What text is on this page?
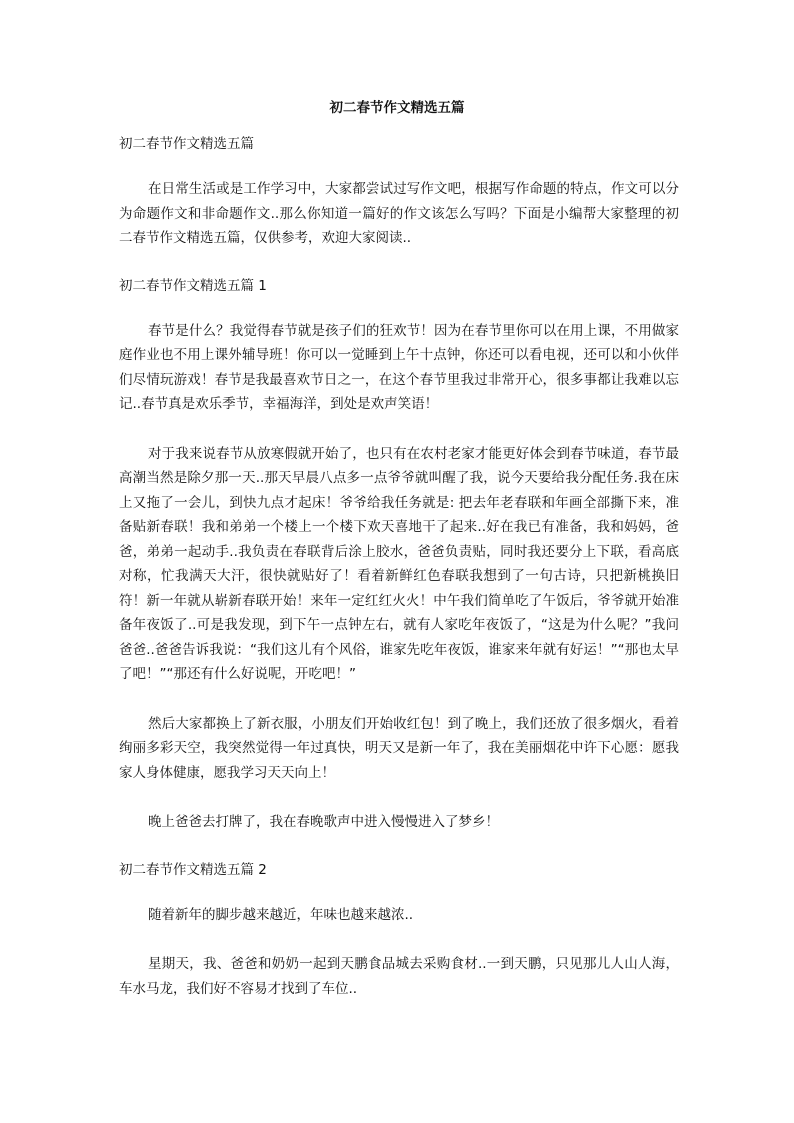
初二春节作文精选五篇

初二春节作文精选五篇

在日常生活或是工作学习中，大家都尝试过写作文吧，根据写作命题的特点，作文可以分为命题作文和非命题作文..那么你知道一篇好的作文该怎么写吗？下面是小编帮大家整理的初二春节作文精选五篇，仅供参考，欢迎大家阅读..

初二春节作文精选五篇 1

春节是什么？我觉得春节就是孩子们的狂欢节！因为在春节里你可以在用上课，不用做家庭作业也不用上课外辅导班！你可以一觉睡到上午十点钟，你还可以看电视，还可以和小伙伴们尽情玩游戏！春节是我最喜欢节日之一，在这个春节里我过非常开心，很多事都让我难以忘记..春节真是欢乐季节，幸福海洋，到处是欢声笑语！

对于我来说春节从放寒假就开始了，也只有在农村老家才能更好体会到春节味道，春节最高潮当然是除夕那一天..那天早晨八点多一点爷爷就叫醒了我，说今天要给我分配任务.我在床上又拖了一会儿，到快九点才起床！爷爷给我任务就是: 把去年老春联和年画全部撕下来，准备贴新春联！我和弟弟一个楼上一个楼下欢天喜地干了起来..好在我已有准备，我和妈妈，爸爸，弟弟一起动手..我负责在春联背后涂上胶水，爸爸负责贴，同时我还要分上下联，看高底对称，忙我满天大汗，很快就贴好了！看着新鲜红色春联我想到了一句古诗，只把新桃换旧符！新一年就从崭新春联开始！来年一定红红火火！中午我们简单吃了午饭后，爷爷就开始准备年夜饭了..可是我发现，到下午一点钟左右，就有人家吃年夜饭了，“这是为什么呢？”我问爸爸..爸爸告诉我说：“我们这儿有个风俗，谁家先吃年夜饭，谁家来年就有好运！”“那也太早了吧！”“那还有什么好说呢，开吃吧！”

然后大家都换上了新衣服，小朋友们开始收红包！到了晚上，我们还放了很多烟火，看着绚丽多彩天空，我突然觉得一年过真快，明天又是新一年了，我在美丽烟花中许下心愿：愿我家人身体健康，愿我学习天天向上！

晚上爸爸去打牌了，我在春晚歌声中进入慢慢进入了梦乡！

初二春节作文精选五篇 2

随着新年的脚步越来越近，年味也越来越浓..

星期天，我、爸爸和奶奶一起到天鹏食品城去采购食材..一到天鹏，只见那儿人山人海，车水马龙，我们好不容易才找到了车位..
